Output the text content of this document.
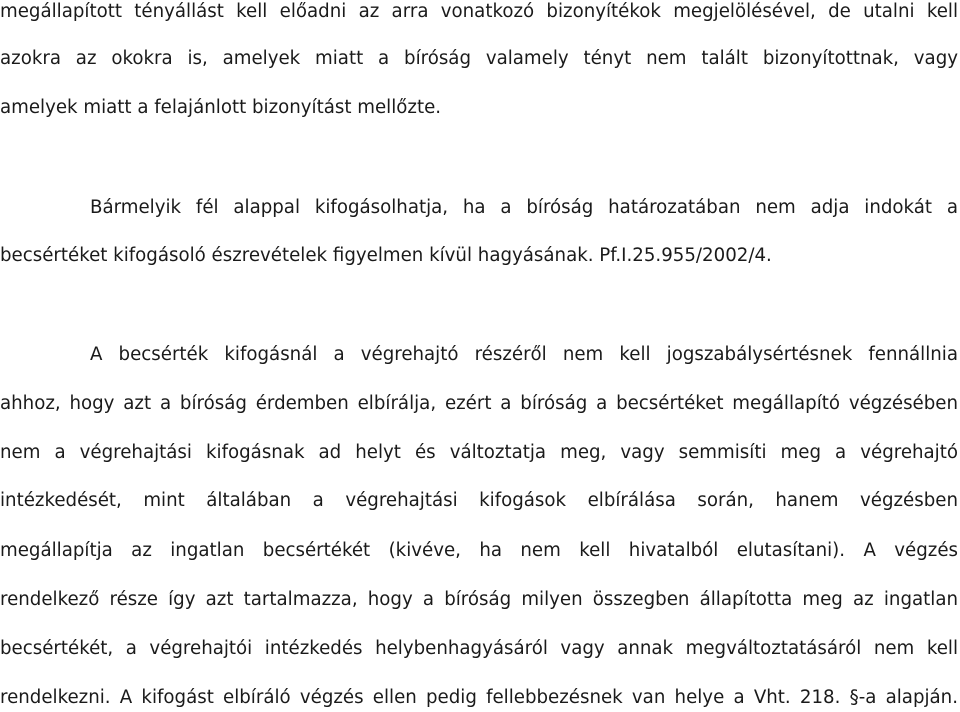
megállapított tényállást kell előadni az arra vonatkozó bizonyítékok megjelölésével, de utalni kell
azokra az okokra is, amelyek miatt a bíróság valamely tényt nem talált bizonyítottnak, vagy
amelyek miatt a felajánlott bizonyítást mellőzte.
Bármelyik fél alappal kifogásolhatja, ha a bíróság határozatában nem adja indokát a
becsértéket kifogásoló észrevételek figyelmen kívül hagyásának. Pf.I.25.955/2002/4.
A becsérték kifogásnál a végrehajtó részéről nem kell jogszabálysértésnek fennállnia
ahhoz, hogy azt a bíróság érdemben elbírálja, ezért a bíróság a becsértéket megállapító végzésében
nem a végrehajtási kifogásnak ad helyt és változtatja meg, vagy semmisíti meg a végrehajtó
intézkedését, mint általában a végrehajtási kifogások elbírálása során, hanem végzésben
megállapítja az ingatlan becsértékét (kivéve, ha nem kell hivatalból elutasítani). A végzés
rendelkező része így azt tartalmazza, hogy a bíróság milyen összegben állapította meg az ingatlan
becsértékét, a végrehajtói intézkedés helybenhagyásáról vagy annak megváltoztatásáról nem kell
rendelkezni. A kifogást elbíráló végzés ellen pedig fellebbezésnek van helye a Vht. 218. §-a alapján.
